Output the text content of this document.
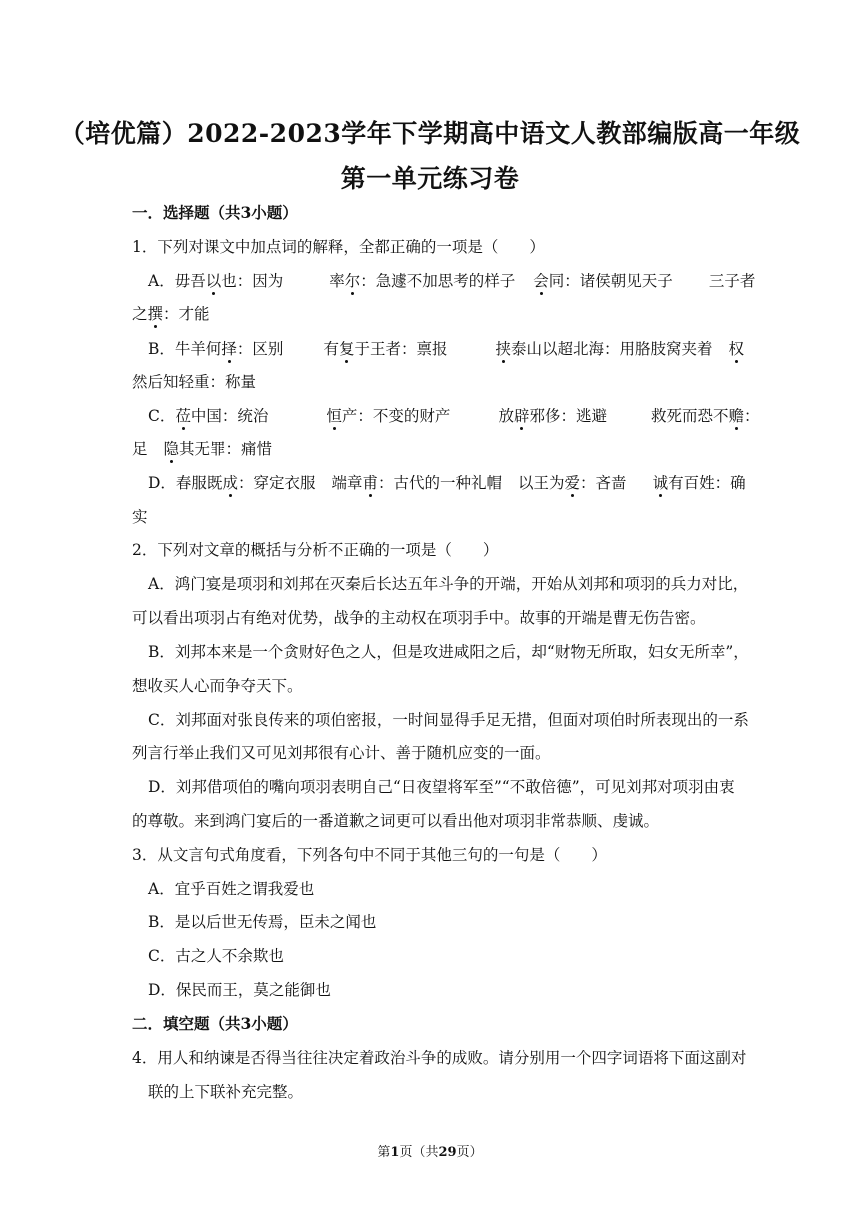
（培优篇）2022-2023学年下学期高中语文人教部编版高一年级
第一单元练习卷
一．选择题（共3小题）
1．下列对课文中加点词的解释，全都正确的一项是（　　）
A．毋吾以也：因为	率尔：急遽不加思考的样子 会同：诸侯朝见天子 三子者
之撰：才能
B．牛羊何择：区别	有复于王者：禀报	挟泰山以超北海：用胳肢窝夹着 权
然后知轻重：称量
C．莅中国：统治	恒产：不变的财产	放辟邪侈：逃避	救死而恐不赡：
足 隐其无罪：痛惜
D．春服既成：穿定衣服 端章甫：古代的一种礼帽 以王为爱：吝啬 诚有百姓：确
实
2．下列对文章的概括与分析不正确的一项是（　　）
A．鸿门宴是项羽和刘邦在灭秦后长达五年斗争的开端，开始从刘邦和项羽的兵力对比，
可以看出项羽占有绝对优势，战争的主动权在项羽手中。故事的开端是曹无伤告密。
B．刘邦本来是一个贪财好色之人，但是攻进咸阳之后，却“财物无所取，妇女无所幸”，
想收买人心而争夺天下。
C．刘邦面对张良传来的项伯密报，一时间显得手足无措，但面对项伯时所表现出的一系
列言行举止我们又可见刘邦很有心计、善于随机应变的一面。
D．刘邦借项伯的嘴向项羽表明自己“日夜望将军至”“不敢倍德”，可见刘邦对项羽由衷
的尊敬。来到鸿门宴后的一番道歉之词更可以看出他对项羽非常恭顺、虔诚。
3．从文言句式角度看，下列各句中不同于其他三句的一句是（　　）
A．宜乎百姓之谓我爱也
B．是以后世无传焉，臣未之闻也
C．古之人不余欺也
D．保民而王，莫之能御也
二．填空题（共3小题）
4．用人和纳谏是否得当往往决定着政治斗争的成败。请分别用一个四字词语将下面这副对
联的上下联补充完整。
第1页（共29页）
